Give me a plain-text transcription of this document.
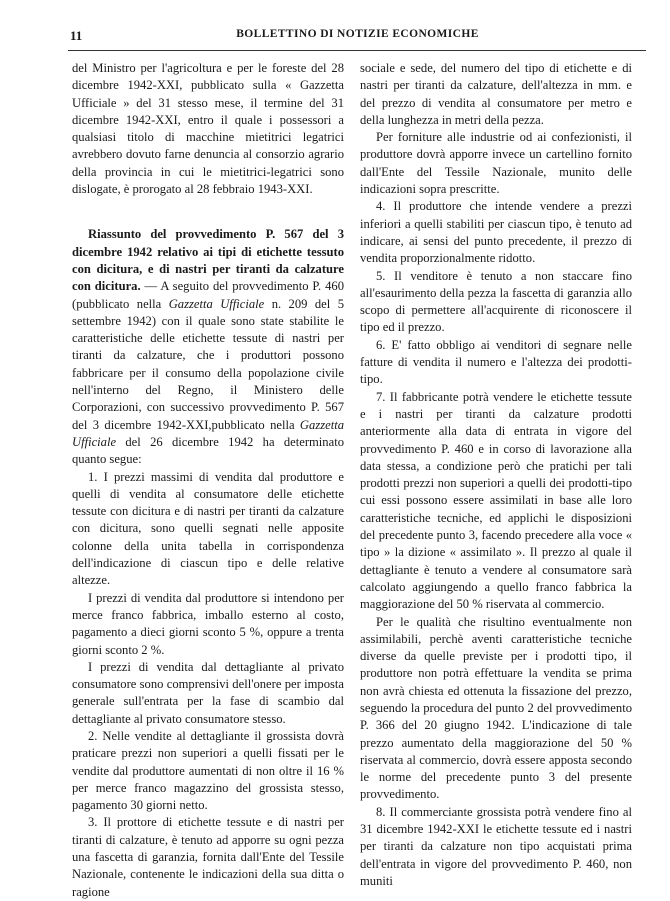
11	BOLLETTINO DI NOTIZIE ECONOMICHE

del Ministro per l'agricoltura e per le foreste del 28 dicembre 1942-XXI, pubblicato sulla « Gazzetta Ufficiale » del 31 stesso mese, il termine del 31 dicembre 1942-XXI, entro il quale i possessori a qualsiasi titolo di macchine mietitrici legatrici avrebbero dovuto farne denuncia al consorzio agrario della provincia in cui le mietitrici-legatrici sono dislogate, è prorogato al 28 febbraio 1943-XXI.

Riassunto del provvedimento P. 567 del 3 dicembre 1942 relativo ai tipi di etichette tessuto con dicitura, e di nastri per tiranti da calzature con dicitura. — A seguito del provvedimento P. 460 (pubblicato nella Gazzetta Ufficiale n. 209 del 5 settembre 1942) con il quale sono state stabilite le caratteristiche delle etichette tessute di nastri per tiranti da calzature, che i produttori possono fabbricare per il consumo della popolazione civile nell'interno del Regno, il Ministero delle Corporazioni, con successivo provvedimento P. 567 del 3 dicembre 1942-XXI,pubblicato nella Gazzetta Ufficiale del 26 dicembre 1942 ha determinato quanto segue:

1. I prezzi massimi di vendita dal produttore e quelli di vendita al consumatore delle etichette tessute con dicitura e di nastri per tiranti da calzature con dicitura, sono quelli segnati nelle apposite colonne della unita tabella in corrispondenza dell'indicazione di ciascun tipo e delle relative altezze.

I prezzi di vendita dal produttore si intendono per merce franco fabbrica, imballo esterno al costo, pagamento a dieci giorni sconto 5 %, oppure a trenta giorni sconto 2 %.

I prezzi di vendita dal dettagliante al privato consumatore sono comprensivi dell'onere per imposta generale sull'entrata per la fase di scambio dal dettagliante al privato consumatore stesso.

2. Nelle vendite al dettagliante il grossista dovrà praticare prezzi non superiori a quelli fissati per le vendite dal produttore aumentati di non oltre il 16 % per merce franco magazzino del grossista stesso, pagamento 30 giorni netto.

3. Il prottore di etichette tessute e di nastri per tiranti di calzature, è tenuto ad apporre su ogni pezza una fascetta di garanzia, fornita dall'Ente del Tessile Nazionale, contenente le indicazioni della sua ditta o ragione

sociale e sede, del numero del tipo di etichette e di nastri per tiranti da calzature, dell'altezza in mm. e del prezzo di vendita al consumatore per metro e della lunghezza in metri della pezza.

Per forniture alle industrie od ai confezionisti, il produttore dovrà apporre invece un cartellino fornito dall'Ente del Tessile Nazionale, munito delle indicazioni sopra prescritte.

4. Il produttore che intende vendere a prezzi inferiori a quelli stabiliti per ciascun tipo, è tenuto ad indicare, ai sensi del punto precedente, il prezzo di vendita proporzionalmente ridotto.

5. Il venditore è tenuto a non staccare fino all'esaurimento della pezza la fascetta di garanzia allo scopo di permettere all'acquirente di riconoscere il tipo ed il prezzo.

6. E' fatto obbligo ai venditori di segnare nelle fatture di vendita il numero e l'altezza dei prodotti-tipo.

7. Il fabbricante potrà vendere le etichette tessute e i nastri per tiranti da calzature prodotti anteriormente alla data di entrata in vigore del provvedimento P. 460 e in corso di lavorazione alla data stessa, a condizione però che pratichi per tali prodotti prezzi non superiori a quelli dei prodotti-tipo cui essi possono essere assimilati in base alle loro caratteristiche tecniche, ed applichi le disposizioni del precedente punto 3, facendo precedere alla voce « tipo » la dizione « assimilato ». Il prezzo al quale il dettagliante è tenuto a vendere al consumatore sarà calcolato aggiungendo a quello franco fabbrica la maggiorazione del 50 % riservata al commercio.

Per le qualità che risultino eventualmente non assimilabili, perchè aventi caratteristiche tecniche diverse da quelle previste per i prodotti tipo, il produttore non potrà effettuare la vendita se prima non avrà chiesta ed ottenuta la fissazione del prezzo, seguendo la procedura del punto 2 del provvedimento P. 366 del 20 giugno 1942. L'indicazione di tale prezzo aumentato della maggiorazione del 50 % riservata al commercio, dovrà essere apposta secondo le norme del precedente punto 3 del presente provvedimento.

8. Il commerciante grossista potrà vendere fino al 31 dicembre 1942-XXI le etichette tessute ed i nastri per tiranti da calzature non tipo acquistati prima dell'entrata in vigore del provvedimento P. 460, non muniti
